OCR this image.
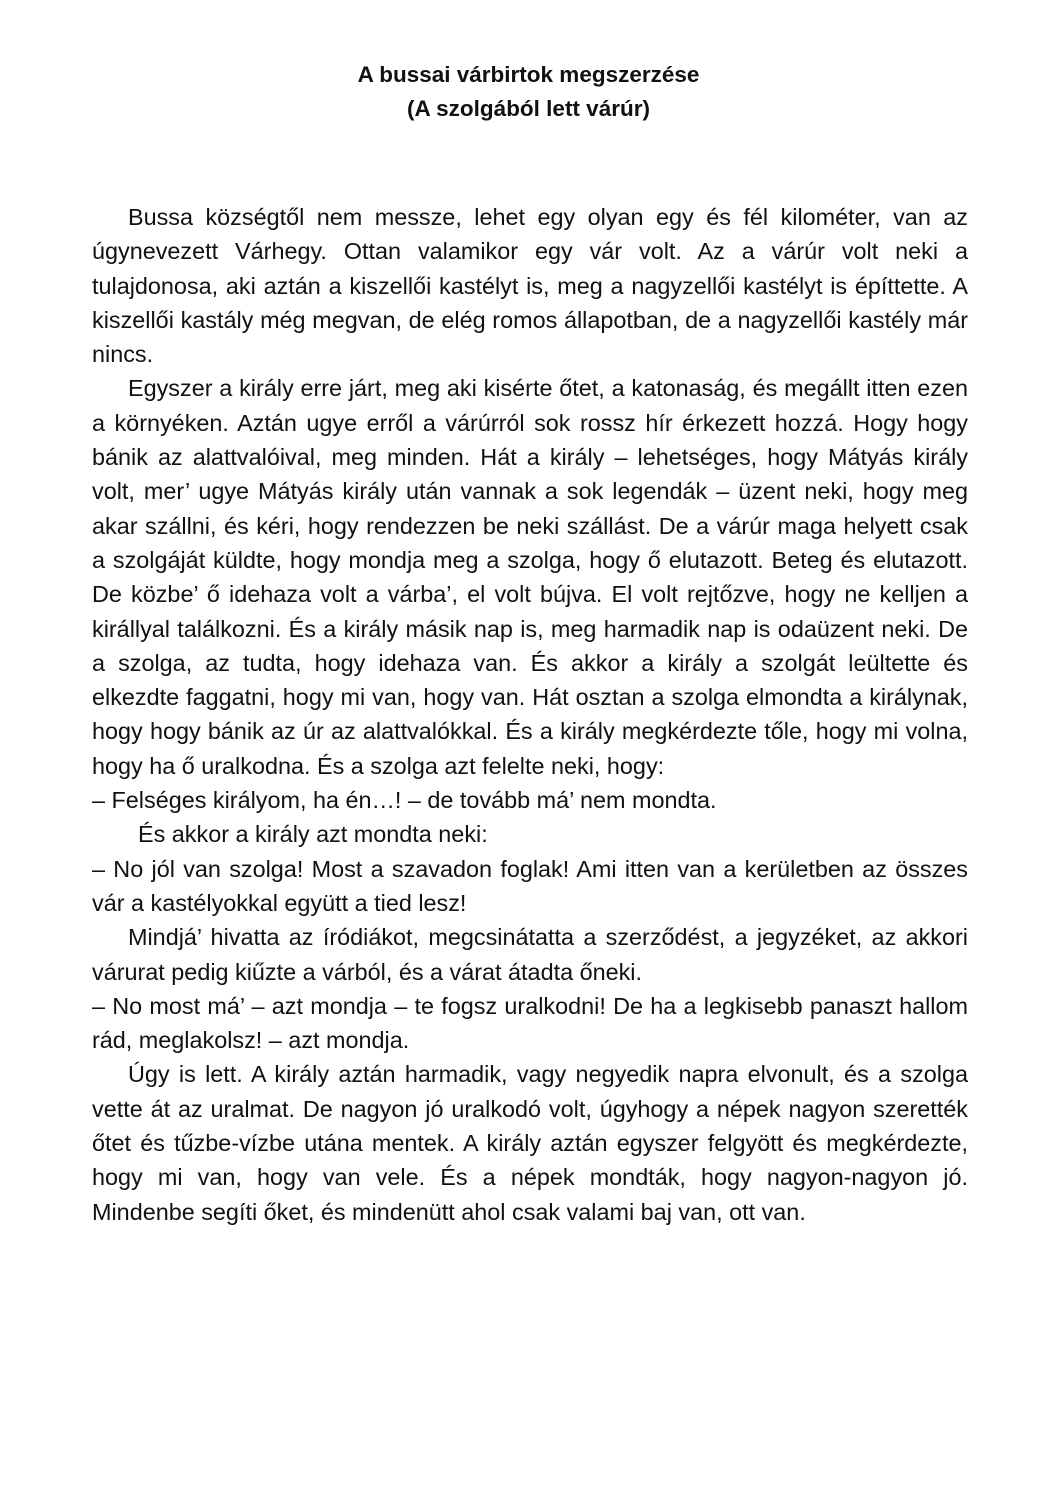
A bussai várbirtok megszerzése

(A szolgából lett várúr)

Bussa községtől nem messze, lehet egy olyan egy és fél kilométer, van az úgynevezett Várhegy. Ottan valamikor egy vár volt. Az a várúr volt neki a tulajdonosa, aki aztán a kiszellői kastélyt is, meg a nagyzellői kastélyt is építtette. A kiszellői kastály még megvan, de elég romos állapotban, de a nagyzellői kastély már nincs.

Egyszer a király erre járt, meg aki kisérte őtet, a katonaság, és megállt itten ezen a környéken. Aztán ugye erről a várúrról sok rossz hír érkezett hozzá. Hogy hogy bánik az alattvalóival, meg minden. Hát a király – lehetséges, hogy Mátyás király volt, mer’ ugye Mátyás király után vannak a sok legendák – üzent neki, hogy meg akar szállni, és kéri, hogy rendezzen be neki szállást. De a várúr maga helyett csak a szolgáját küldte, hogy mondja meg a szolga, hogy ő elutazott. Beteg és elutazott. De közbe’ ő idehaza volt a várba’, el volt bújva. El volt rejtőzve, hogy ne kelljen a királlyal találkozni. És a király másik nap is, meg harmadik nap is odaüzent neki. De a szolga, az tudta, hogy idehaza van. És akkor a király a szolgát leültette és elkezdte faggatni, hogy mi van, hogy van. Hát osztan a szolga elmondta a királynak, hogy hogy bánik az úr az alattvalókkal. És a király megkérdezte tőle, hogy mi volna, hogy ha ő uralkodna. És a szolga azt felelte neki, hogy:

– Felséges királyom, ha én…! – de tovább má’ nem mondta.

És akkor a király azt mondta neki:

– No jól van szolga! Most a szavadon foglak! Ami itten van a kerületben az összes vár a kastélyokkal együtt a tied lesz!

Mindjá’ hivatta az íródiákot, megcsinátatta a szerződést, a jegyzéket, az akkori várurat pedig kiűzte a várból, és a várat átadta őneki.

– No most má’ – azt mondja – te fogsz uralkodni! De ha a legkisebb panaszt hallom rád, meglakolsz! – azt mondja.

Úgy is lett. A király aztán harmadik, vagy negyedik napra elvonult, és a szolga vette át az uralmat. De nagyon jó uralkodó volt, úgyhogy a népek nagyon szerették őtet és tűzbe-vízbe utána mentek. A király aztán egyszer felgyött és megkérdezte, hogy mi van, hogy van vele. És a népek mondták, hogy nagyon-nagyon jó. Mindenbe segíti őket, és mindenütt ahol csak valami baj van, ott van.
